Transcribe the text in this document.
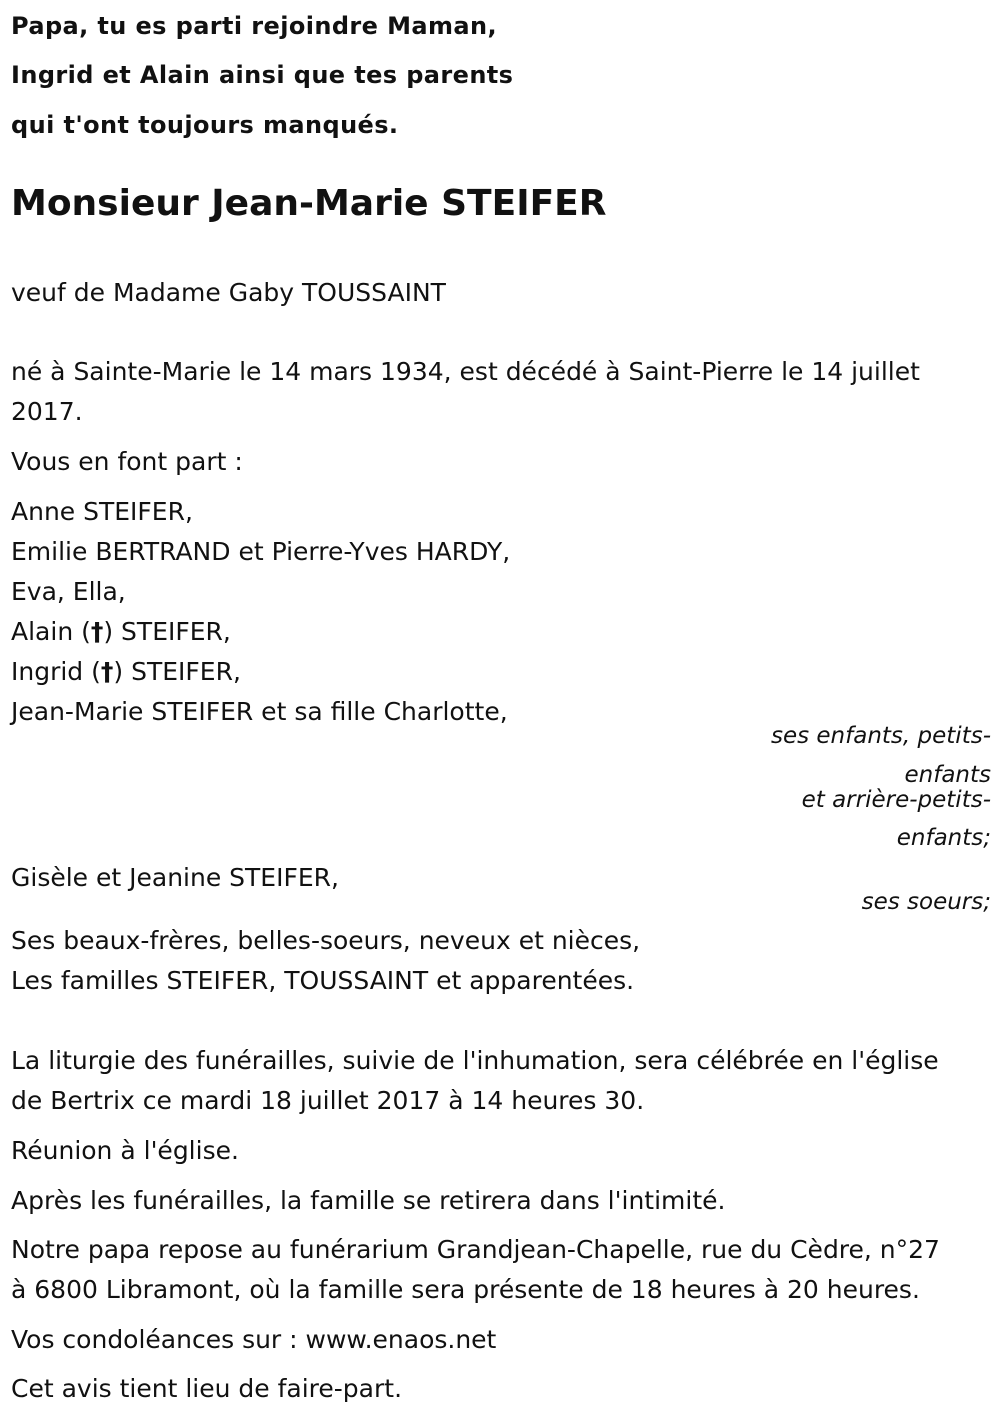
Papa, tu es parti rejoindre Maman,
Ingrid et Alain ainsi que tes parents
qui t'ont toujours manqués.
Monsieur Jean-Marie STEIFER
veuf de Madame Gaby TOUSSAINT
né à Sainte-Marie le 14 mars 1934, est décédé à Saint-Pierre le 14 juillet
2017.
Vous en font part :
Anne STEIFER,
Emilie BERTRAND et Pierre-Yves HARDY,
Eva, Ella,
Alain (†) STEIFER,
Ingrid (†) STEIFER,
Jean-Marie STEIFER et sa fille Charlotte,
ses enfants, petits-
enfants
et arrière-petits-
enfants;
Gisèle et Jeanine STEIFER,
ses soeurs;
Ses beaux-frères, belles-soeurs, neveux et nièces,
Les familles STEIFER, TOUSSAINT et apparentées.
La liturgie des funérailles, suivie de l'inhumation, sera célébrée en l'église
de Bertrix ce mardi 18 juillet 2017 à 14 heures 30.
Réunion à l'église.
Après les funérailles, la famille se retirera dans l'intimité.
Notre papa repose au funérarium Grandjean-Chapelle, rue du Cèdre, n°27
à 6800 Libramont, où la famille sera présente de 18 heures à 20 heures.
Vos condoléances sur : www.enaos.net
Cet avis tient lieu de faire-part.
